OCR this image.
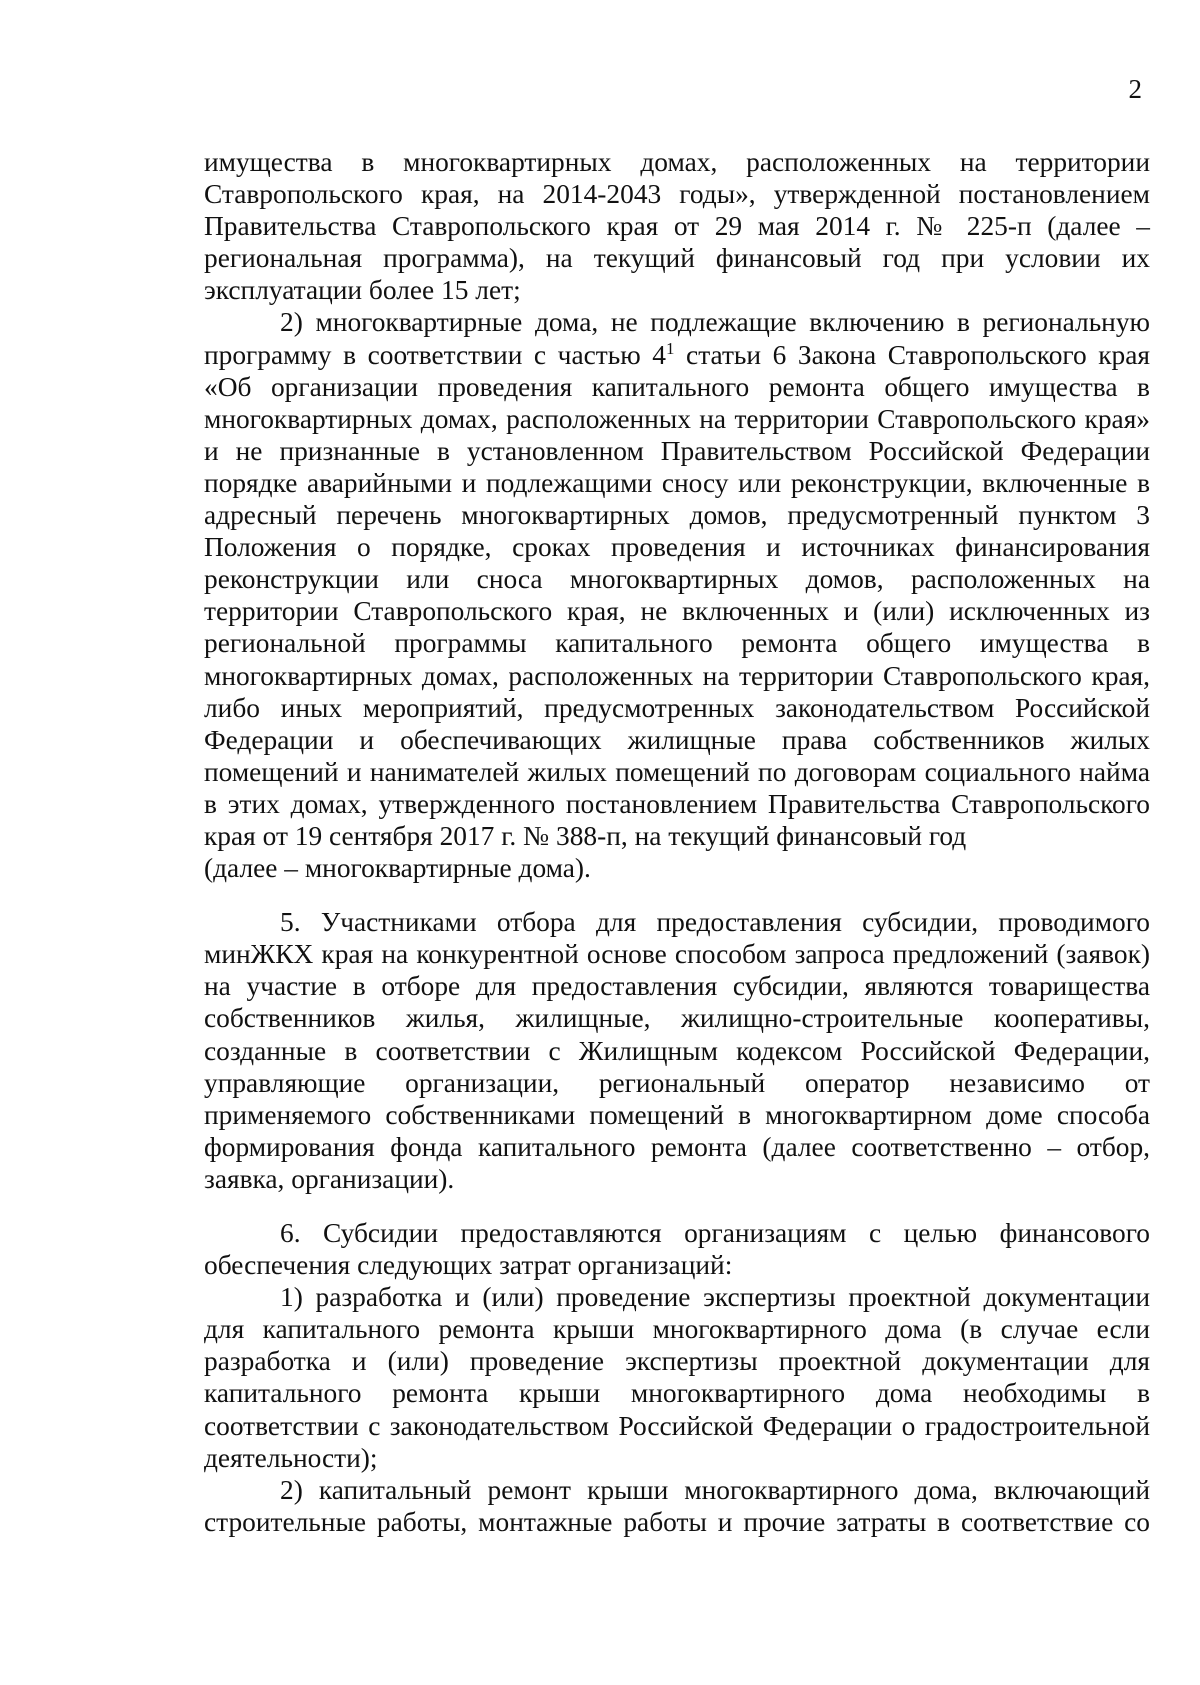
2

имущества в многоквартирных домах, расположенных на территории Ставропольского края, на 2014-2043 годы», утвержденной постановлением Правительства Ставропольского края от 29 мая 2014 г. № 225-п (далее – региональная программа), на текущий финансовый год при условии их эксплуатации более 15 лет;

2) многоквартирные дома, не подлежащие включению в региональную программу в соответствии с частью $4^1$ статьи 6 Закона Ставропольского края «Об организации проведения капитального ремонта общего имущества в многоквартирных домах, расположенных на территории Ставропольского края» и не признанные в установленном Правительством Российской Федерации порядке аварийными и подлежащими сносу или реконструкции, включенные в адресный перечень многоквартирных домов, предусмотренный пунктом 3 Положения о порядке, сроках проведения и источниках финансирования реконструкции или сноса многоквартирных домов, расположенных на территории Ставропольского края, не включенных и (или) исключенных из региональной программы капитального ремонта общего имущества в многоквартирных домах, расположенных на территории Ставропольского края, либо иных мероприятий, предусмотренных законодательством Российской Федерации и обеспечивающих жилищные права собственников жилых помещений и нанимателей жилых помещений по договорам социального найма в этих домах, утвержденного постановлением Правительства Ставропольского края от 19 сентября 2017 г. № 388-п, на текущий финансовый год

(далее – многоквартирные дома).

5. Участниками отбора для предоставления субсидии, проводимого минЖКХ края на конкурентной основе способом запроса предложений (заявок) на участие в отборе для предоставления субсидии, являются товарищества собственников жилья, жилищные, жилищно-строительные кооперативы, созданные в соответствии с Жилищным кодексом Российской Федерации, управляющие организации, региональный оператор независимо от применяемого собственниками помещений в многоквартирном доме способа формирования фонда капитального ремонта (далее соответственно – отбор, заявка, организации).

6. Субсидии предоставляются организациям с целью финансового обеспечения следующих затрат организаций:

1) разработка и (или) проведение экспертизы проектной документации для капитального ремонта крыши многоквартирного дома (в случае если разработка и (или) проведение экспертизы проектной документации для капитального ремонта крыши многоквартирного дома необходимы в соответствии с законодательством Российской Федерации о градостроительной деятельности);

2) капитальный ремонт крыши многоквартирного дома, включающий строительные работы, монтажные работы и прочие затраты в соответствие со
